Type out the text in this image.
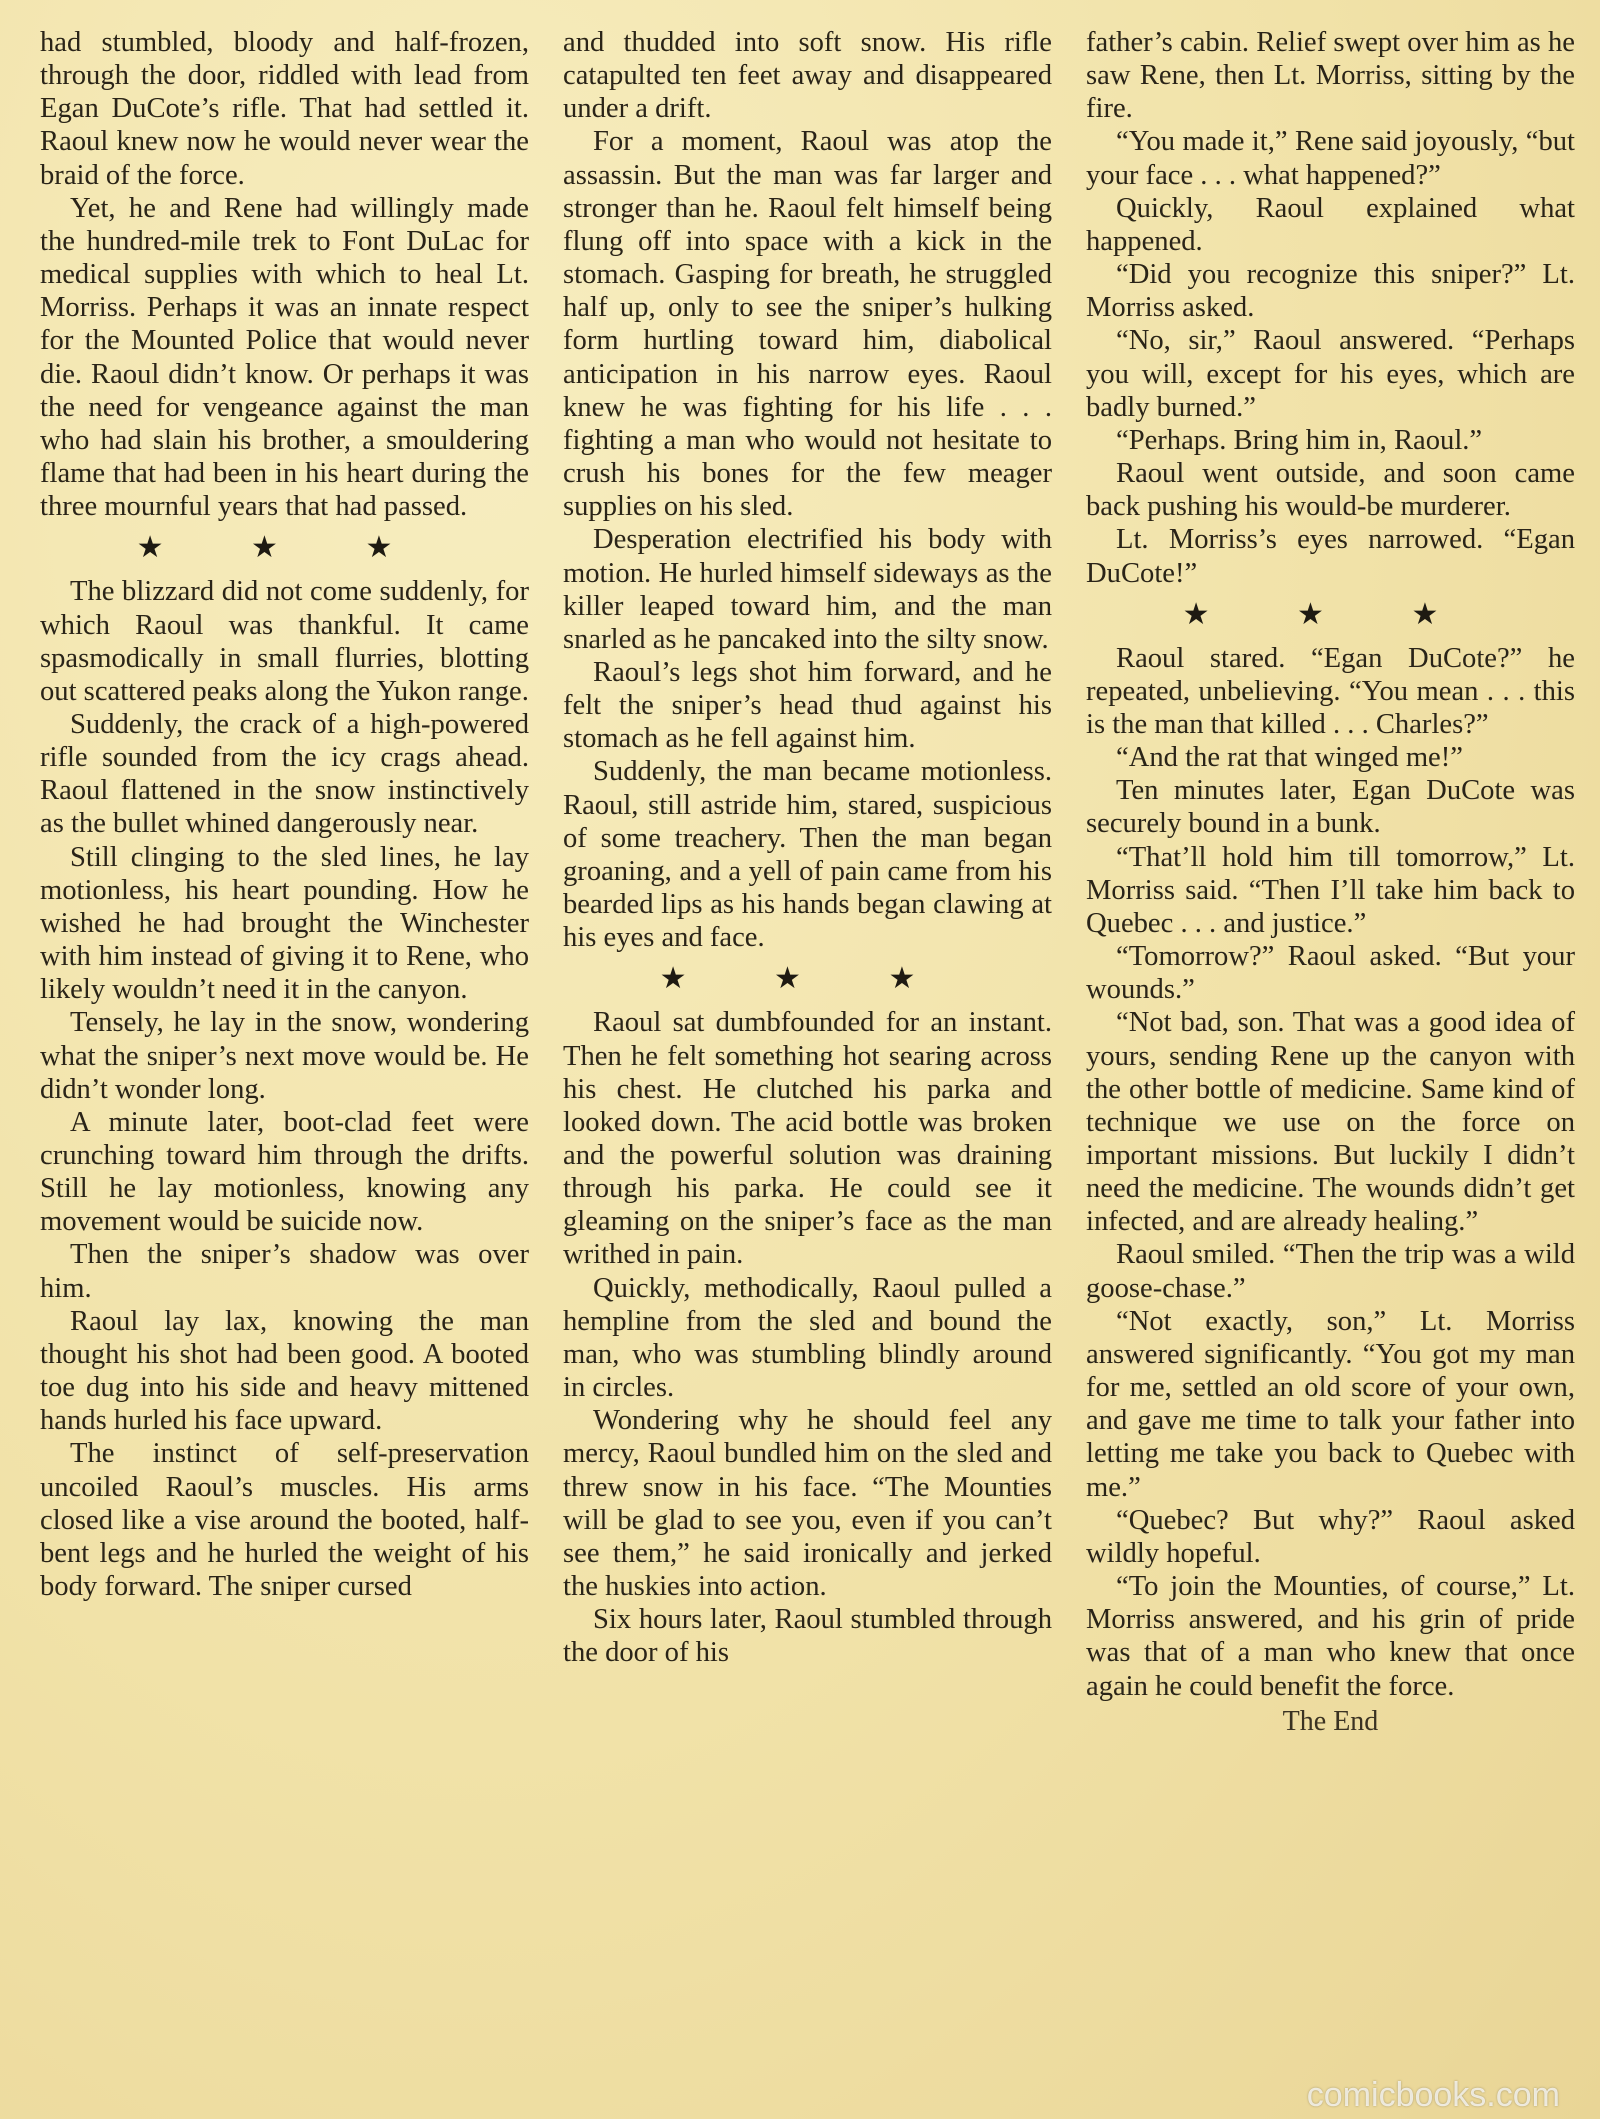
had stumbled, bloody and half-frozen, through the door, riddled with lead from Egan DuCote’s rifle. That had settled it. Raoul knew now he would never wear the braid of the force.

Yet, he and Rene had willingly made the hundred-mile trek to Font DuLac for medical supplies with which to heal Lt. Morriss. Perhaps it was an innate respect for the Mounted Police that would never die. Raoul didn’t know. Or perhaps it was the need for vengeance against the man who had slain his brother, a smouldering flame that had been in his heart during the three mournful years that had passed.

★ ★ ★

The blizzard did not come suddenly, for which Raoul was thankful. It came spasmodically in small flurries, blotting out scattered peaks along the Yukon range.

Suddenly, the crack of a high-powered rifle sounded from the icy crags ahead. Raoul flattened in the snow instinctively as the bullet whined dangerously near.

Still clinging to the sled lines, he lay motionless, his heart pounding. How he wished he had brought the Winchester with him instead of giving it to Rene, who likely wouldn’t need it in the canyon.

Tensely, he lay in the snow, wondering what the sniper’s next move would be. He didn’t wonder long.

A minute later, boot-clad feet were crunching toward him through the drifts. Still he lay motionless, knowing any movement would be suicide now.

Then the sniper’s shadow was over him.

Raoul lay lax, knowing the man thought his shot had been good. A booted toe dug into his side and heavy mittened hands hurled his face upward.

The instinct of self-preservation uncoiled Raoul’s muscles. His arms closed like a vise around the booted, half-bent legs and he hurled the weight of his body forward. The sniper cursed

and thudded into soft snow. His rifle catapulted ten feet away and disappeared under a drift.

For a moment, Raoul was atop the assassin. But the man was far larger and stronger than he. Raoul felt himself being flung off into space with a kick in the stomach. Gasping for breath, he struggled half up, only to see the sniper’s hulking form hurtling toward him, diabolical anticipation in his narrow eyes. Raoul knew he was fighting for his life . . . fighting a man who would not hesitate to crush his bones for the few meager supplies on his sled.

Desperation electrified his body with motion. He hurled himself sideways as the killer leaped toward him, and the man snarled as he pancaked into the silty snow.

Raoul’s legs shot him forward, and he felt the sniper’s head thud against his stomach as he fell against him.

Suddenly, the man became motionless. Raoul, still astride him, stared, suspicious of some treachery. Then the man began groaning, and a yell of pain came from his bearded lips as his hands began clawing at his eyes and face.

★ ★ ★

Raoul sat dumbfounded for an instant. Then he felt something hot searing across his chest. He clutched his parka and looked down. The acid bottle was broken and the powerful solution was draining through his parka. He could see it gleaming on the sniper’s face as the man writhed in pain.

Quickly, methodically, Raoul pulled a hempline from the sled and bound the man, who was stumbling blindly around in circles.

Wondering why he should feel any mercy, Raoul bundled him on the sled and threw snow in his face. “The Mounties will be glad to see you, even if you can’t see them,” he said ironically and jerked the huskies into action.

Six hours later, Raoul stumbled through the door of his

father’s cabin. Relief swept over him as he saw Rene, then Lt. Morriss, sitting by the fire.

“You made it,” Rene said joyously, “but your face . . . what happened?”

Quickly, Raoul explained what happened.

“Did you recognize this sniper?” Lt. Morriss asked.

“No, sir,” Raoul answered. “Perhaps you will, except for his eyes, which are badly burned.”

“Perhaps. Bring him in, Raoul.”

Raoul went outside, and soon came back pushing his would-be murderer.

Lt. Morriss’s eyes narrowed. “Egan DuCote!”

★ ★ ★

Raoul stared. “Egan DuCote?” he repeated, unbelieving. “You mean . . . this is the man that killed . . . Charles?”

“And the rat that winged me!”

Ten minutes later, Egan DuCote was securely bound in a bunk.

“That’ll hold him till tomorrow,” Lt. Morriss said. “Then I’ll take him back to Quebec . . . and justice.”

“Tomorrow?” Raoul asked. “But your wounds.”

“Not bad, son. That was a good idea of yours, sending Rene up the canyon with the other bottle of medicine. Same kind of technique we use on the force on important missions. But luckily I didn’t need the medicine. The wounds didn’t get infected, and are already healing.”

Raoul smiled. “Then the trip was a wild goose-chase.”

“Not exactly, son,” Lt. Morriss answered significantly. “You got my man for me, settled an old score of your own, and gave me time to talk your father into letting me take you back to Quebec with me.”

“Quebec? But why?” Raoul asked wildly hopeful.

“To join the Mounties, of course,” Lt. Morriss answered, and his grin of pride was that of a man who knew that once again he could benefit the force.

The End
comicbooks.com
